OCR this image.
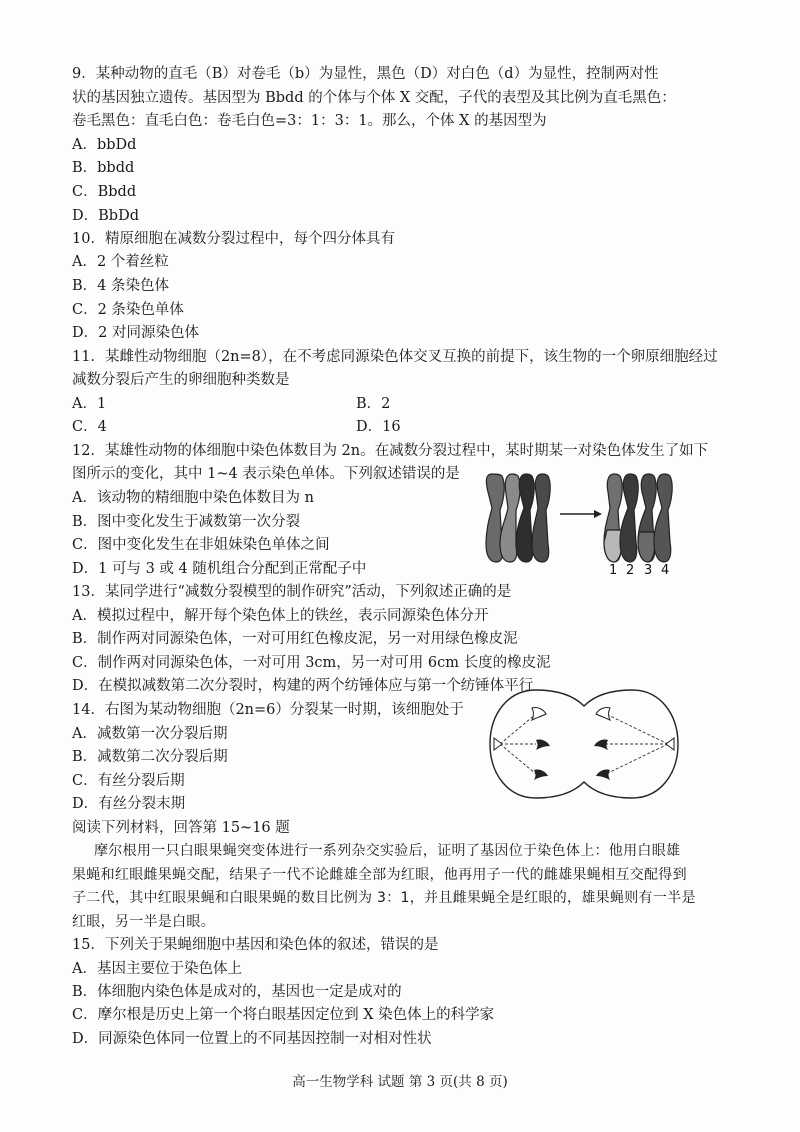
9．某种动物的直毛（B）对卷毛（b）为显性，黑色（D）对白色（d）为显性，控制两对性
状的基因独立遗传。基因型为 Bbdd 的个体与个体 X 交配，子代的表型及其比例为直毛黑色：
卷毛黑色：直毛白色：卷毛白色=3：1：3：1。那么，个体 X 的基因型为
A．bbDd
B．bbdd
C．Bbdd
D．BbDd
10．精原细胞在减数分裂过程中，每个四分体具有
A．2 个着丝粒
B．4 条染色体
C．2 条染色单体
D．2 对同源染色体
11．某雌性动物细胞（2n=8），在不考虑同源染色体交叉互换的前提下，该生物的一个卵原细胞经过
减数分裂后产生的卵细胞种类数是
A．1	B．2
C．4	D．16
12．某雄性动物的体细胞中染色体数目为 2n。在减数分裂过程中，某时期某一对染色体发生了如下
图所示的变化，其中 1~4 表示染色单体。下列叙述错误的是
A．该动物的精细胞中染色体数目为 n
B．图中变化发生于减数第一次分裂
C．图中变化发生在非姐妹染色单体之间
D．1 可与 3 或 4 随机组合分配到正常配子中	1 2 3 4
13．某同学进行“减数分裂模型的制作研究”活动，下列叙述正确的是
A．模拟过程中，解开每个染色体上的铁丝，表示同源染色体分开
B．制作两对同源染色体，一对可用红色橡皮泥，另一对用绿色橡皮泥
C．制作两对同源染色体，一对可用 3cm，另一对可用 6cm 长度的橡皮泥
D．在模拟减数第二次分裂时，构建的两个纺锤体应与第一个纺锤体平行
14．右图为某动物细胞（2n=6）分裂某一时期，该细胞处于
A．减数第一次分裂后期
B．减数第二次分裂后期
C．有丝分裂后期
D．有丝分裂末期
阅读下列材料，回答第 15~16 题
摩尔根用一只白眼果蝇突变体进行一系列杂交实验后，证明了基因位于染色体上：他用白眼雄
果蝇和红眼雌果蝇交配，结果子一代不论雌雄全部为红眼，他再用子一代的雌雄果蝇相互交配得到
子二代，其中红眼果蝇和白眼果蝇的数目比例为 3：1，并且雌果蝇全是红眼的，雄果蝇则有一半是
红眼，另一半是白眼。
15．下列关于果蝇细胞中基因和染色体的叙述，错误的是
A．基因主要位于染色体上
B．体细胞内染色体是成对的，基因也一定是成对的
C．摩尔根是历史上第一个将白眼基因定位到 X 染色体上的科学家
D．同源染色体同一位置上的不同基因控制一对相对性状
高一生物学科 试题 第 3 页(共 8 页)
